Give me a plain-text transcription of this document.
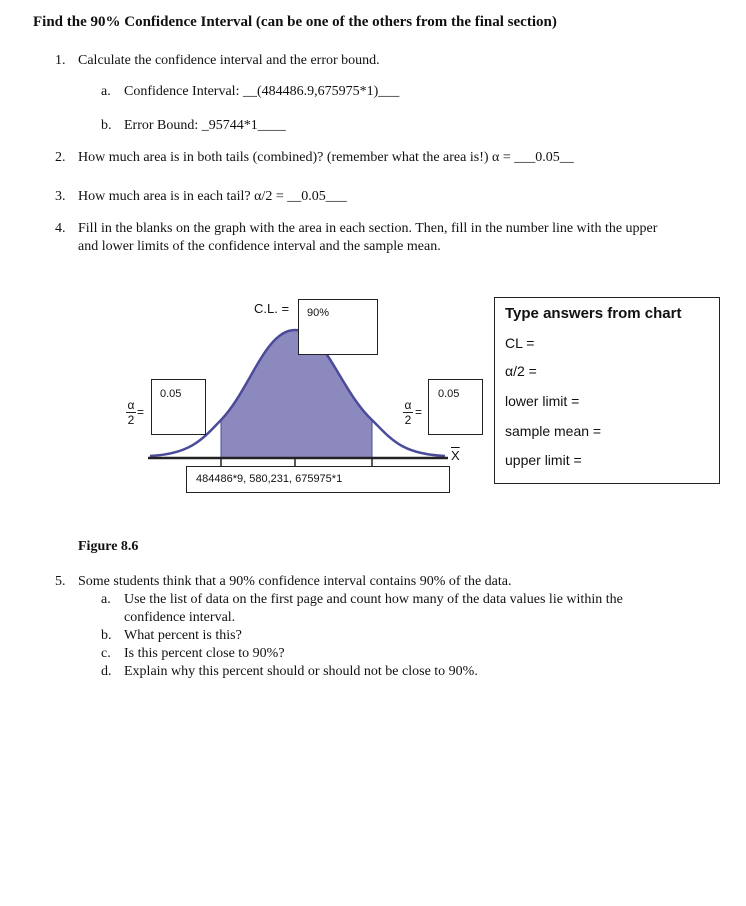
Find the 90% Confidence Interval (can be one of the others from the final section)
1. Calculate the confidence interval and the error bound.
a. Confidence Interval: __(484486.9,675975*1)___
b. Error Bound: _95744*1____
2. How much area is in both tails (combined)? (remember what the area is!) α = ___0.05__
3. How much area is in each tail? α/2 = __0.05___
4. Fill in the blanks on the graph with the area in each section. Then, fill in the number line with the upper
and lower limits of the confidence interval and the sample mean.
C.L. =	90%
α
2
=
0.05
α
2
=
0.05
$\overline{X}$
484486*9, 580,231, 675975*1
Type answers from chart
CL =
α/2 =
lower limit =
sample mean =
upper limit =
Figure 8.6
5. Some students think that a 90% confidence interval contains 90% of the data.
a. Use the list of data on the first page and count how many of the data values lie within the
confidence interval.
b. What percent is this?
c. Is this percent close to 90%?
d. Explain why this percent should or should not be close to 90%.
